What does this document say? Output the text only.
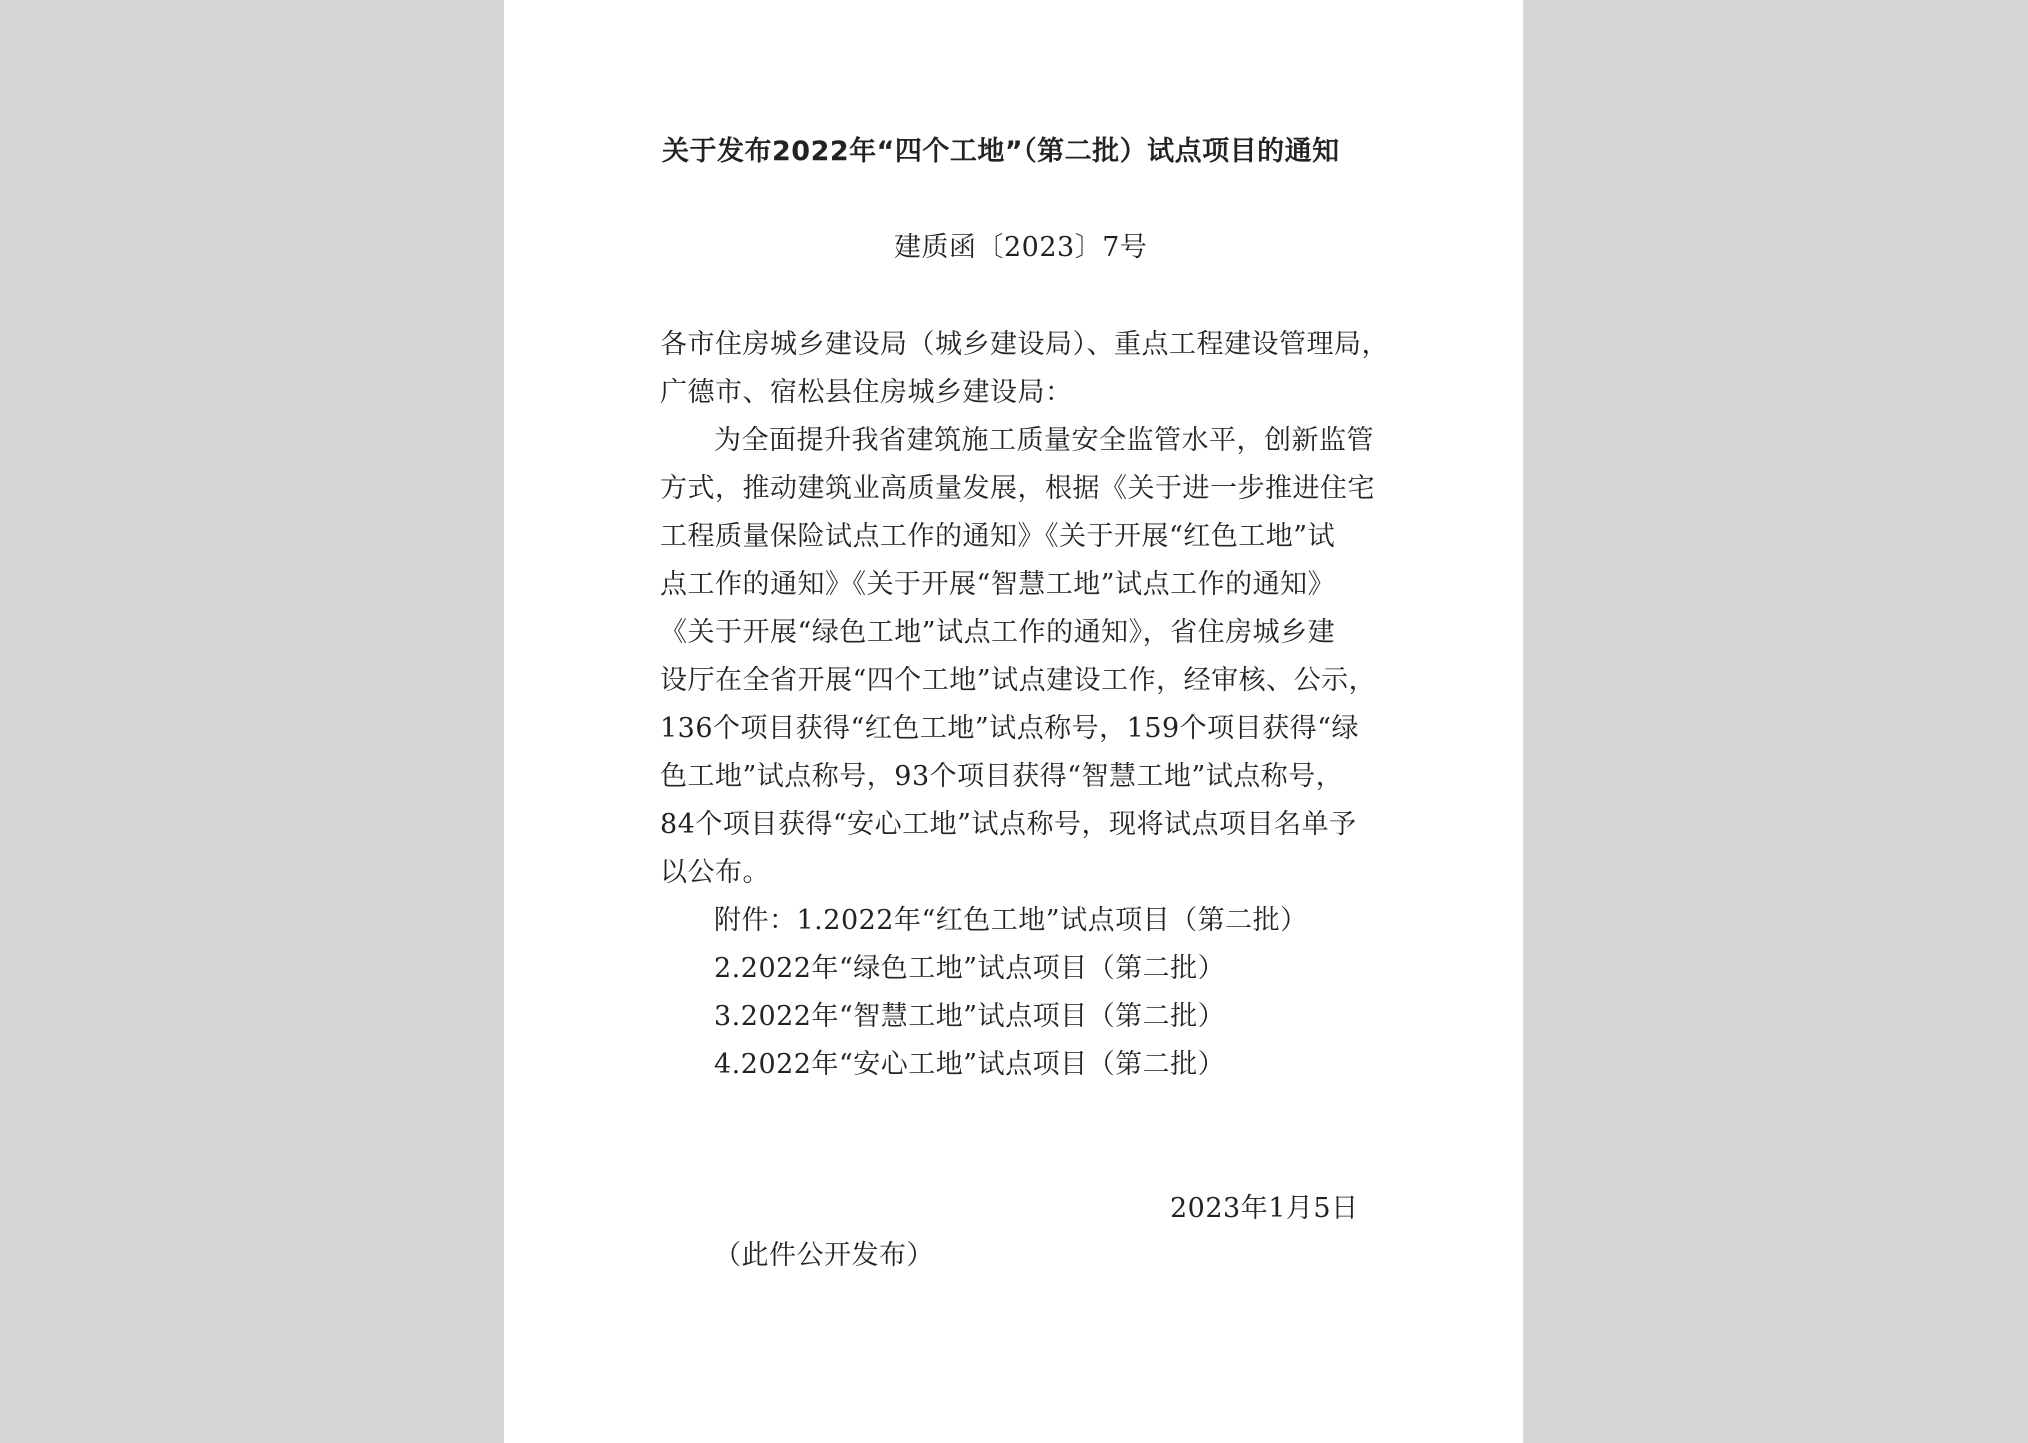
关于发布2022年“四个工地”（第二批）试点项目的通知
建质函〔2023〕7号
各市住房城乡建设局（城乡建设局）、重点工程建设管理局，
广德市、宿松县住房城乡建设局：
为全面提升我省建筑施工质量安全监管水平，创新监管
方式，推动建筑业高质量发展，根据《关于进一步推进住宅
工程质量保险试点工作的通知》《关于开展“红色工地”试
点工作的通知》《关于开展“智慧工地”试点工作的通知》
《关于开展“绿色工地”试点工作的通知》，省住房城乡建
设厅在全省开展“四个工地”试点建设工作，经审核、公示，
136个项目获得“红色工地”试点称号，159个项目获得“绿
色工地”试点称号，93个项目获得“智慧工地”试点称号，
84个项目获得“安心工地”试点称号，现将试点项目名单予
以公布。
附件：1.2022年“红色工地”试点项目（第二批）
2.2022年“绿色工地”试点项目（第二批）
3.2022年“智慧工地”试点项目（第二批）
4.2022年“安心工地”试点项目（第二批）
2023年1月5日
（此件公开发布）
